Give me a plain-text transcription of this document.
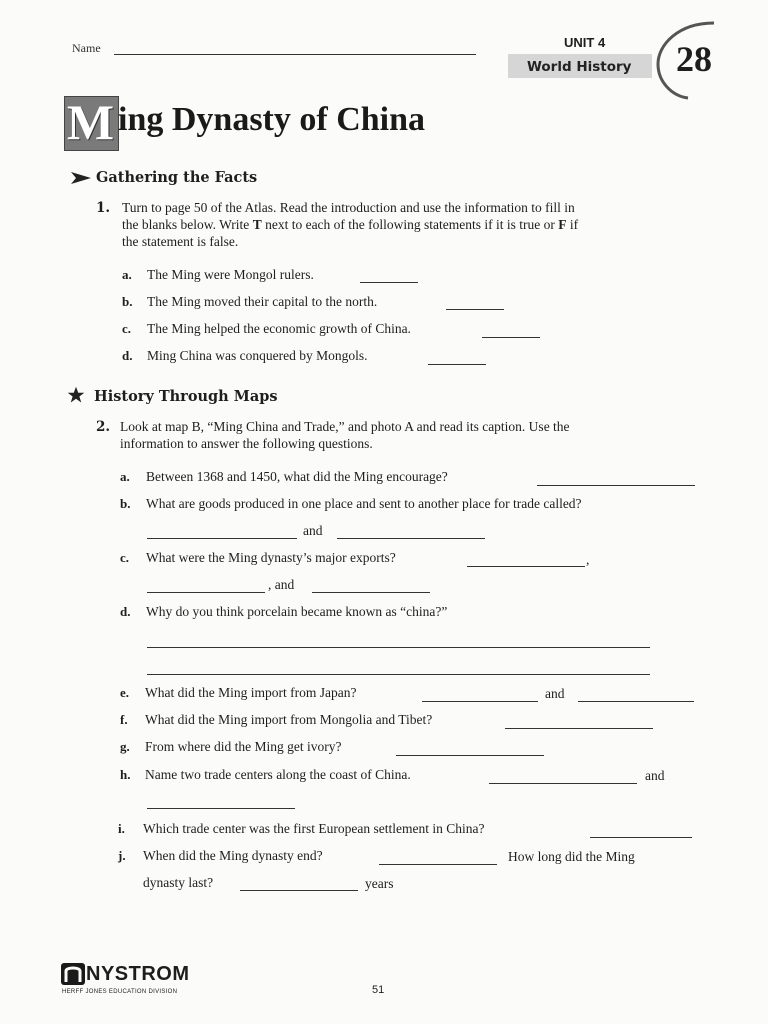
Name	UNIT 4
World History 28
M ing Dynasty of China
Gathering the Facts
1. Turn to page 50 of the Atlas. Read the introduction and use the information to fill in
the blanks below. Write T next to each of the following statements if it is true or F if
the statement is false.
a. The Ming were Mongol rulers.
b. The Ming moved their capital to the north.
c. The Ming helped the economic growth of China.
d. Ming China was conquered by Mongols.
History Through Maps
2. Look at map B, “Ming China and Trade,” and photo A and read its caption. Use the
information to answer the following questions.
a. Between 1368 and 1450, what did the Ming encourage?
b. What are goods produced in one place and sent to another place for trade called?
and
c. What were the Ming dynasty’s major exports?	,
, and
d. Why do you think porcelain became known as “china?”
e. What did the Ming import from Japan?	and
f. What did the Ming import from Mongolia and Tibet?
g. From where did the Ming get ivory?
h. Name two trade centers along the coast of China.	and
i. Which trade center was the first European settlement in China?
j. When did the Ming dynasty end?	How long did the Ming
dynasty last?	years
NYSTROM
HERFF JONES EDUCATION DIVISION	51
